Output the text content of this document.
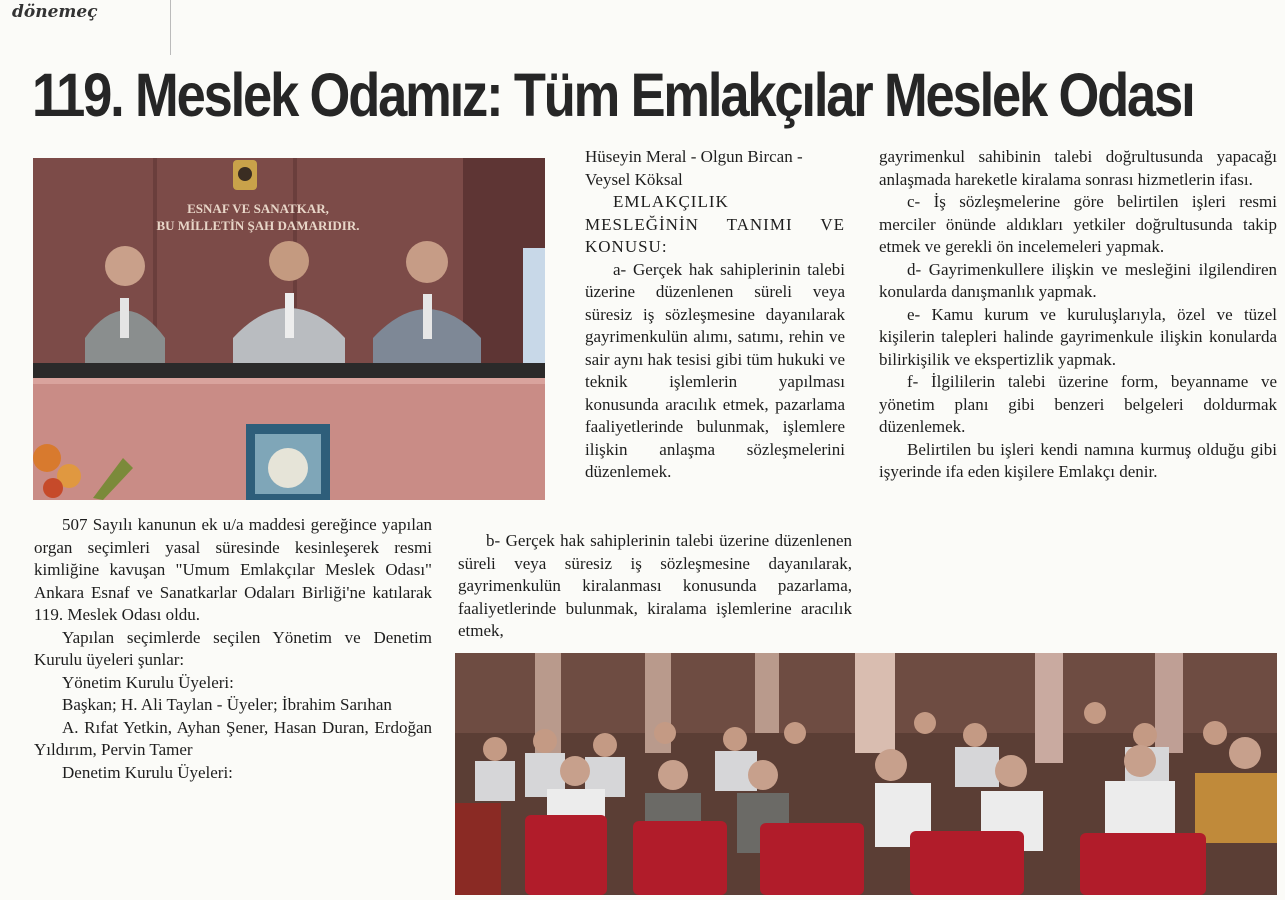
dönemeç
119. Meslek Odamız: Tüm Emlakçılar Meslek Odası
ESNAF VE SANATKAR,
BU MİLLETİN ŞAH DAMARIDIR.

507 Sayılı kanunun ek u/a maddesi gereğince yapılan organ seçimleri yasal süresinde kesinleşerek resmi kimliğine kavuşan "Umum Emlakçılar Meslek Odası" Ankara Esnaf ve Sanatkarlar Odaları Birliği'ne katılarak 119. Meslek Odası oldu.

Yapılan seçimlerde seçilen Yönetim ve Denetim Kurulu üyeleri şunlar:

Yönetim Kurulu Üyeleri:

Başkan; H. Ali Taylan - Üyeler; İbrahim Sarıhan

A. Rıfat Yetkin, Ayhan Şener, Hasan Duran, Erdoğan Yıldırım, Pervin Tamer

Denetim Kurulu Üyeleri:

Hüseyin Meral - Olgun Bircan - Veysel Köksal

EMLAKÇILIK MESLEĞİNİN TANIMI VE KONUSU:

a- Gerçek hak sahiplerinin talebi üzerine düzenlenen süreli veya süresiz iş sözleşmesine dayanılarak gayrimenkulün alımı, satımı, rehin ve sair aynı hak tesisi gibi tüm hukuki ve teknik işlemlerin yapılması konusunda aracılık etmek, pazarlama faaliyetlerinde bulunmak, işlemlere ilişkin anlaşma sözleşmelerini düzenlemek.

b- Gerçek hak sahiplerinin talebi üzerine düzenlenen süreli veya süresiz iş sözleşmesine dayanılarak, gayrimenkulün kiralanması konusunda pazarlama, faaliyetlerinde bulunmak, kiralama işlemlerine aracılık etmek,

gayrimenkul sahibinin talebi doğrultusunda yapacağı anlaşmada hareketle kiralama sonrası hizmetlerin ifası.

c- İş sözleşmelerine göre belirtilen işleri resmi merciler önünde aldıkları yetkiler doğrultusunda takip etmek ve gerekli ön incelemeleri yapmak.

d- Gayrimenkullere ilişkin ve mesleğini ilgilendiren konularda danışmanlık yapmak.

e- Kamu kurum ve kuruluşlarıyla, özel ve tüzel kişilerin talepleri halinde gayrimenkule ilişkin konularda bilirkişilik ve ekspertizlik yapmak.

f- İlgililerin talebi üzerine form, beyanname ve yönetim planı gibi benzeri belgeleri doldurmak düzenlemek.

Belirtilen bu işleri kendi namına kurmuş olduğu gibi işyerinde ifa eden kişilere Emlakçı denir.
